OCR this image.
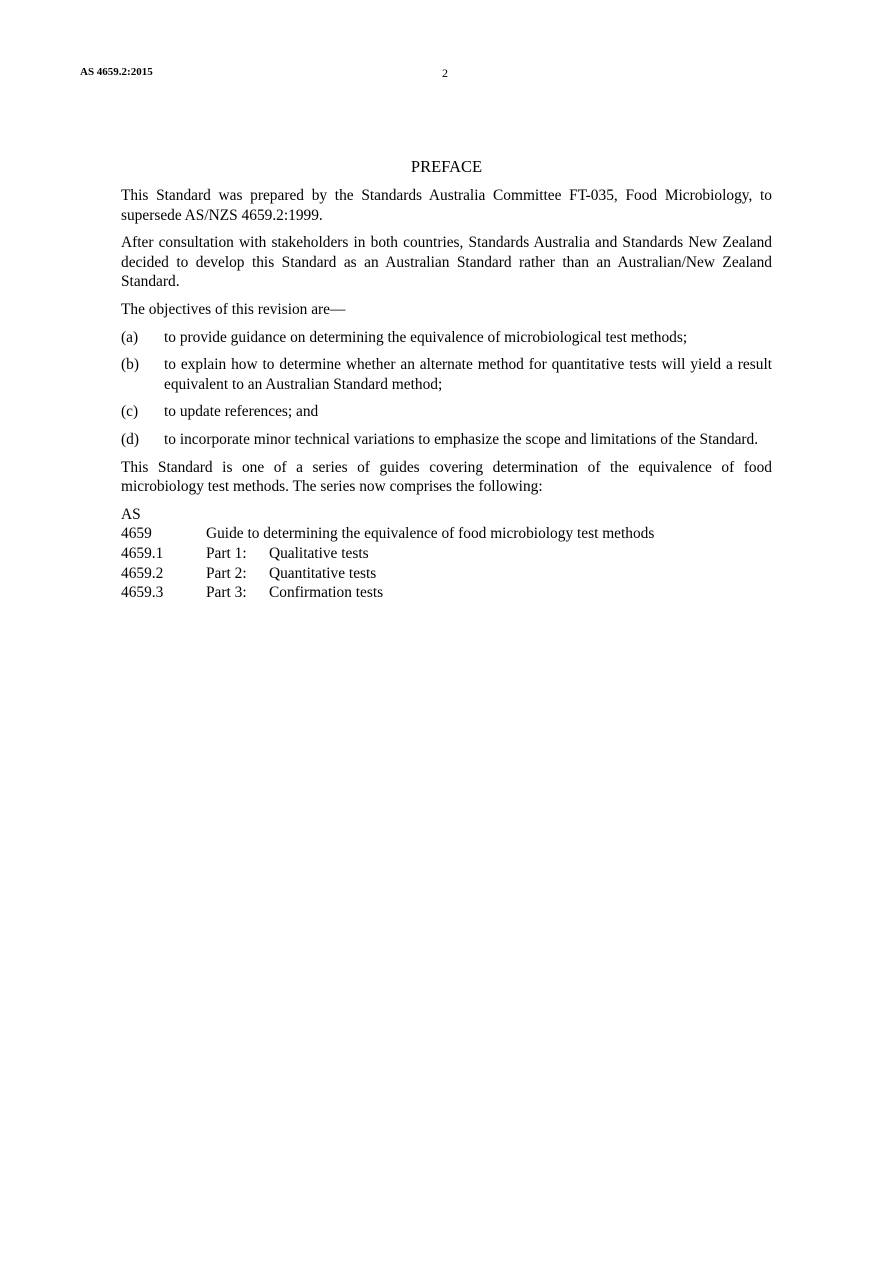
AS 4659.2:2015	2
PREFACE

This Standard was prepared by the Standards Australia Committee FT-035, Food Microbiology, to supersede AS/NZS 4659.2:1999.

After consultation with stakeholders in both countries, Standards Australia and Standards New Zealand decided to develop this Standard as an Australian Standard rather than an Australian/New Zealand Standard.

The objectives of this revision are—

(a)	to provide guidance on determining the equivalence of microbiological test methods;
(b)	to explain how to determine whether an alternate method for quantitative tests will yield a result equivalent to an Australian Standard method;
(c)	to update references; and
(d)	to incorporate minor technical variations to emphasize the scope and limitations of the Standard.

This Standard is one of a series of guides covering determination of the equivalence of food microbiology test methods. The series now comprises the following:

AS
4659	Guide to determining the equivalence of food microbiology test methods
4659.1	Part 1:	Qualitative tests
4659.2	Part 2:	Quantitative tests
4659.3	Part 3:	Confirmation tests
